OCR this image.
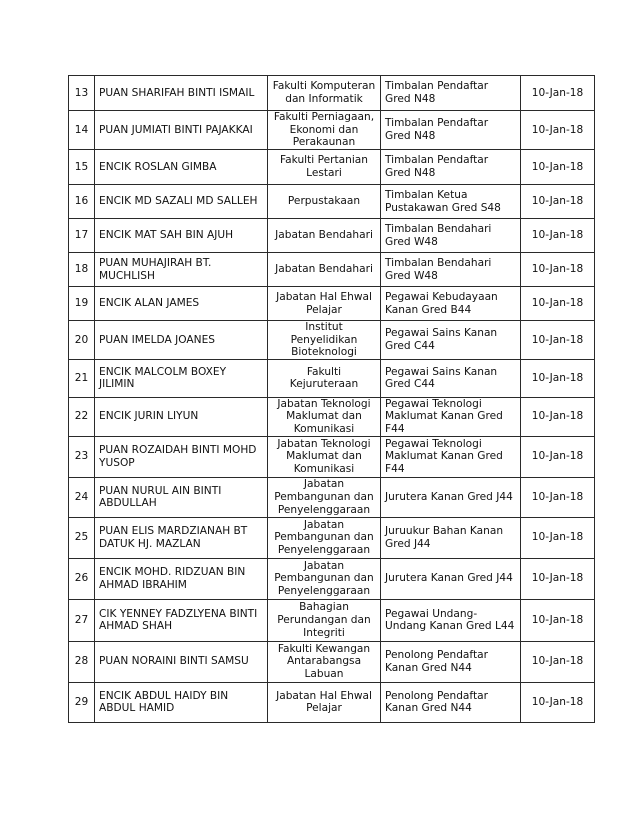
13	PUAN SHARIFAH BINTI ISMAIL	Fakulti Komputeran dan Informatik	Timbalan Pendaftar Gred N48	10-Jan-18
14	PUAN JUMIATI BINTI PAJAKKAI	Fakulti Perniagaan, Ekonomi dan Perakaunan	Timbalan Pendaftar Gred N48	10-Jan-18
15	ENCIK ROSLAN GIMBA	Fakulti Pertanian Lestari	Timbalan Pendaftar Gred N48	10-Jan-18
16	ENCIK MD SAZALI MD SALLEH	Perpustakaan	Timbalan Ketua Pustakawan Gred S48	10-Jan-18
17	ENCIK MAT SAH BIN AJUH	Jabatan Bendahari	Timbalan Bendahari Gred W48	10-Jan-18
18	PUAN MUHAJIRAH BT. MUCHLISH	Jabatan Bendahari	Timbalan Bendahari Gred W48	10-Jan-18
19	ENCIK ALAN JAMES	Jabatan Hal Ehwal Pelajar	Pegawai Kebudayaan Kanan Gred B44	10-Jan-18
20	PUAN IMELDA JOANES	Institut Penyelidikan Bioteknologi	Pegawai Sains Kanan Gred C44	10-Jan-18
21	ENCIK MALCOLM BOXEY JILIMIN	Fakulti Kejuruteraan	Pegawai Sains Kanan Gred C44	10-Jan-18
22	ENCIK JURIN LIYUN	Jabatan Teknologi Maklumat dan Komunikasi	Pegawai Teknologi Maklumat Kanan Gred F44	10-Jan-18
23	PUAN ROZAIDAH BINTI MOHD YUSOP	Jabatan Teknologi Maklumat dan Komunikasi	Pegawai Teknologi Maklumat Kanan Gred F44	10-Jan-18
24	PUAN NURUL AIN BINTI ABDULLAH	Jabatan Pembangunan dan Penyelenggaraan	Jurutera Kanan Gred J44	10-Jan-18
25	PUAN ELIS MARDZIANAH BT DATUK HJ. MAZLAN	Jabatan Pembangunan dan Penyelenggaraan	Juruukur Bahan Kanan Gred J44	10-Jan-18
26	ENCIK MOHD. RIDZUAN BIN AHMAD IBRAHIM	Jabatan Pembangunan dan Penyelenggaraan	Jurutera Kanan Gred J44	10-Jan-18
27	CIK YENNEY FADZLYENA BINTI AHMAD SHAH	Bahagian Perundangan dan Integriti	Pegawai Undang-Undang Kanan Gred L44	10-Jan-18
28	PUAN NORAINI BINTI SAMSU	Fakulti Kewangan Antarabangsa Labuan	Penolong Pendaftar Kanan Gred N44	10-Jan-18
29	ENCIK ABDUL HAIDY BIN ABDUL HAMID	Jabatan Hal Ehwal Pelajar	Penolong Pendaftar Kanan Gred N44	10-Jan-18
